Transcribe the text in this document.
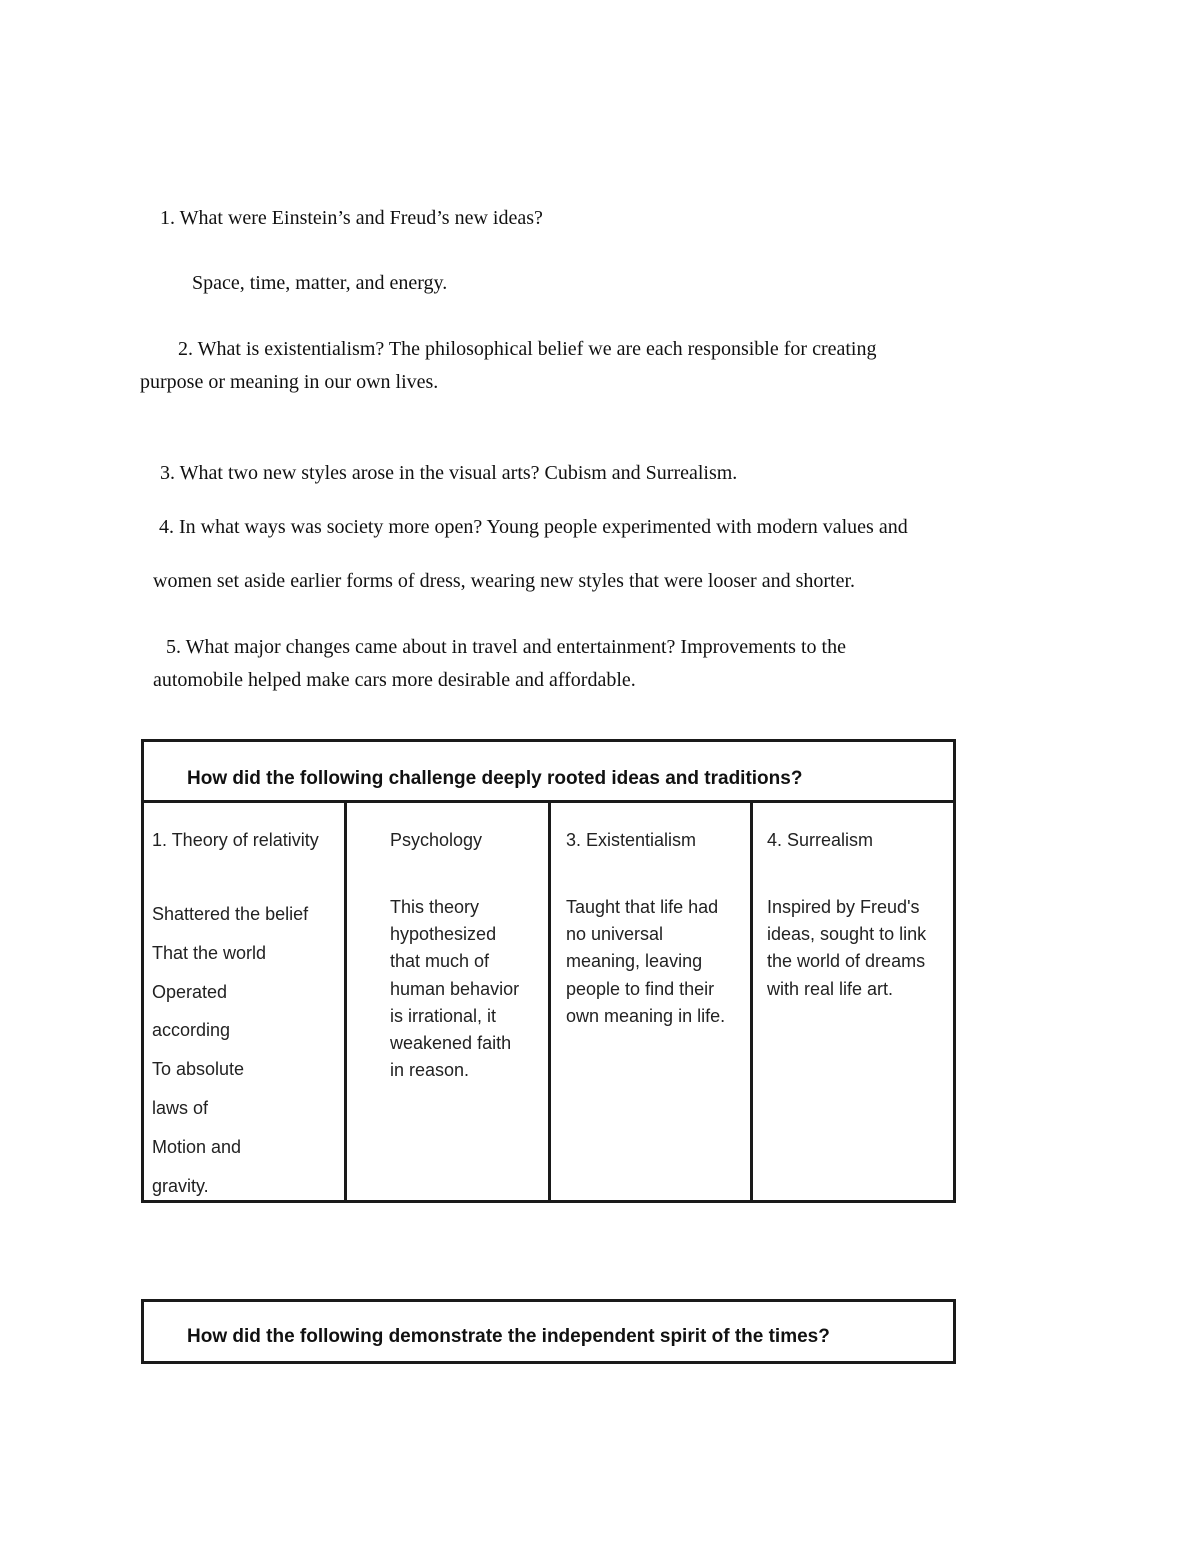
1. What were Einstein’s and Freud’s new ideas?
Space, time, matter, and energy.
2. What is existentialism? The philosophical belief we are each responsible for creating
purpose or meaning in our own lives.
3. What two new styles arose in the visual arts? Cubism and Surrealism.
4. In what ways was society more open? Young people experimented with modern values and
women set aside earlier forms of dress, wearing new styles that were looser and shorter.
5. What major changes came about in travel and entertainment? Improvements to the
automobile helped make cars more desirable and affordable.
How did the following challenge deeply rooted ideas and traditions?
1. Theory of relativity
Shattered the belief
That the world
Operated
according
To absolute
laws of
Motion and
gravity.
Psychology
This theory
hypothesized
that much of
human behavior
is irrational, it
weakened faith
in reason.
3. Existentialism
Taught that life had
no universal
meaning, leaving
people to find their
own meaning in life.
4. Surrealism
Inspired by Freud's
ideas, sought to link
the world of dreams
with real life art.
How did the following demonstrate the independent spirit of the times?
